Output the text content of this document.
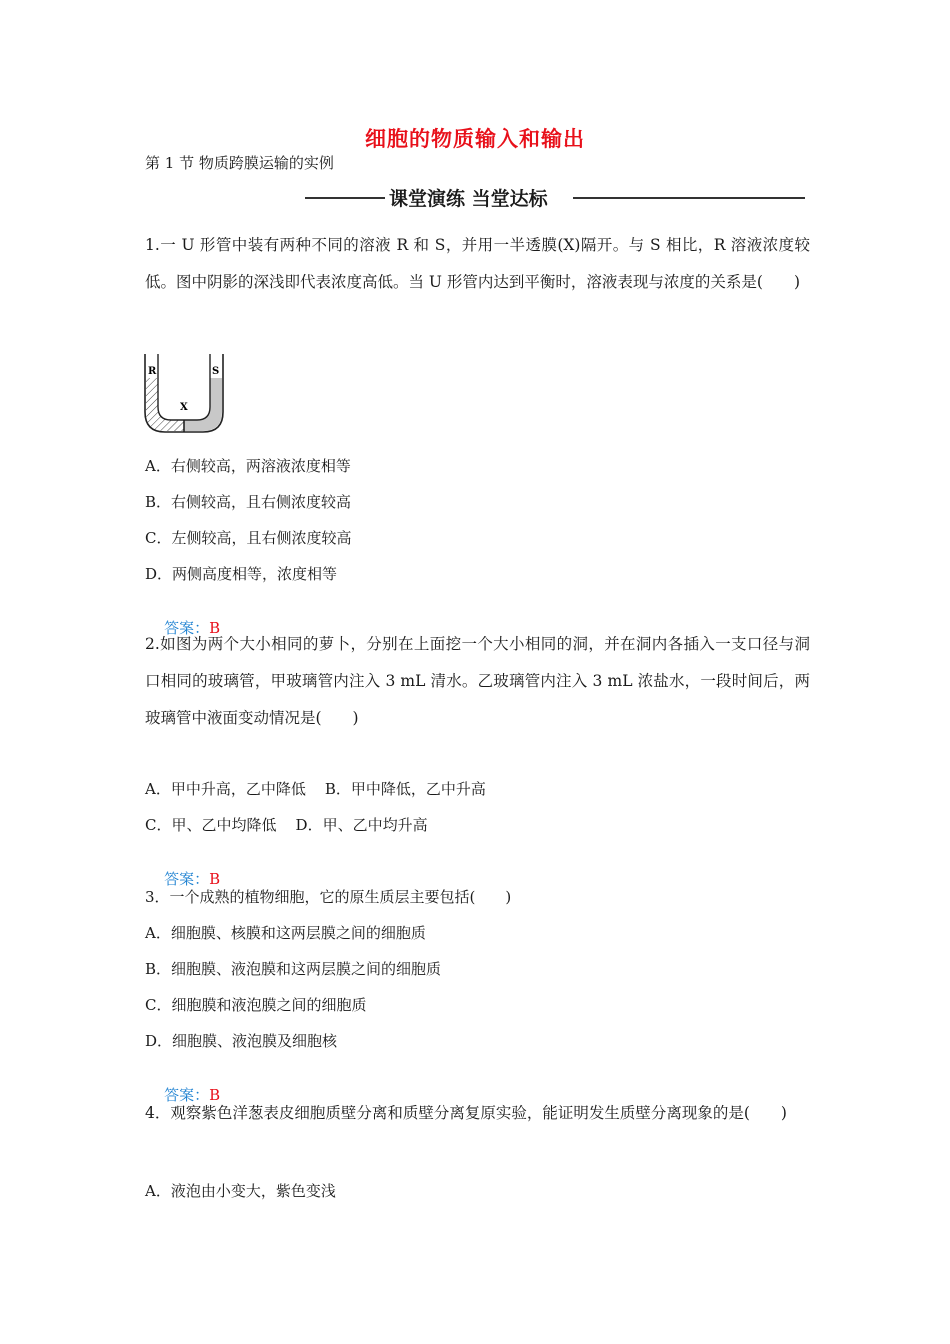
细胞的物质输入和输出
第 1 节 物质跨膜运输的实例
课堂演练 当堂达标
1.一 U 形管中装有两种不同的溶液 R 和 S，并用一半透膜(X)隔开。与 S 相比，R 溶液浓度较低。图中阴影的深浅即代表浓度高低。当 U 形管内达到平衡时，溶液表现与浓度的关系是(　　)
R	S
X
A．右侧较高，两溶液浓度相等
B．右侧较高，且右侧浓度较高
C．左侧较高，且右侧浓度较高
D．两侧高度相等，浓度相等

答案：B

2.如图为两个大小相同的萝卜，分别在上面挖一个大小相同的洞，并在洞内各插入一支口径与洞口相同的玻璃管，甲玻璃管内注入 3 mL 清水。乙玻璃管内注入 3 mL 浓盐水，一段时间后，两玻璃管中液面变动情况是(　　)
A．甲中升高，乙中降低    B．甲中降低，乙中升高
C．甲、乙中均降低    D．甲、乙中均升高

答案：B

3．一个成熟的植物细胞，它的原生质层主要包括(　　)
A．细胞膜、核膜和这两层膜之间的细胞质
B．细胞膜、液泡膜和这两层膜之间的细胞质
C．细胞膜和液泡膜之间的细胞质
D．细胞膜、液泡膜及细胞核

答案：B

4．观察紫色洋葱表皮细胞质壁分离和质壁分离复原实验，能证明发生质壁分离现象的是(　　)
A．液泡由小变大，紫色变浅
